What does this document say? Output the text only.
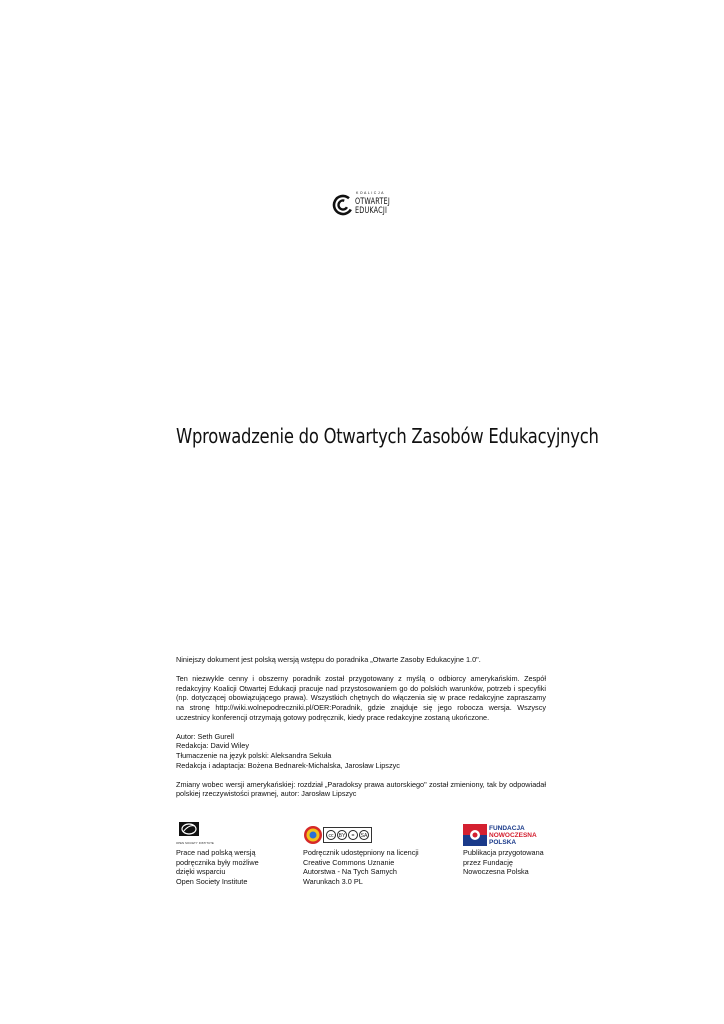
KOALICJA
OTWARTEJ
EDUKACJI
Wprowadzenie do Otwartych Zasobów Edukacyjnych

Niniejszy dokument jest polską wersją wstępu do poradnika „Otwarte Zasoby Edukacyjne 1.0".

Ten niezwykle cenny i obszerny poradnik został przygotowany z myślą o odbiorcy amerykańskim. Zespół redakcyjny Koalicji Otwartej Edukacji pracuje nad przystosowaniem go do polskich warunków, potrzeb i specyfiki (np. dotyczącej obowiązującego prawa). Wszystkich chętnych do włączenia się w prace redakcyjne zapraszamy na stronę http://wiki.wolnepodreczniki.pl/OER:Poradnik, gdzie znajduje się jego robocza wersja. Wszyscy uczestnicy konferencji otrzymają gotowy podręcznik, kiedy prace redakcyjne zostaną ukończone.

Autor: Seth Gurell
Redakcja: David Wiley
Tłumaczenie na język polski: Aleksandra Sekuła
Redakcja i adaptacja: Bożena Bednarek-Michalska, Jarosław Lipszyc

Zmiany wobec wersji amerykańskiej: rozdział „Paradoksy prawa autorskiego" został zmieniony, tak by odpowiadał polskiej rzeczywistości prawnej, autor: Jarosław Lipszyc

OPEN SOCIETY INSTITUTE
Prace nad polską wersją
podręcznika były możliwe
dzięki wsparciu
Open Society Institute
cc	BY	=	SA
Podręcznik udostępniony na licencji
Creative Commons Uznanie
Autorstwa - Na Tych Samych
Warunkach 3.0 PL
FUNDACJA
NOWOCZESNA
POLSKA
Publikacja przygotowana
przez Fundację
Nowoczesna Polska
